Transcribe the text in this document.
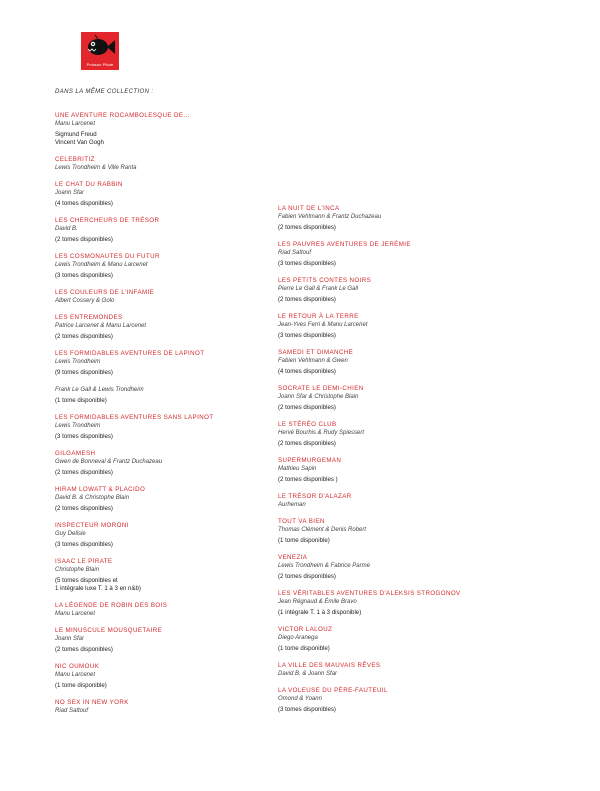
Poisson Pilote
DANS LA MÊME COLLECTION :
UNE AVENTURE ROCAMBOLESQUE DE…
Manu Larcenet
Sigmund Freud
Vincent Van Gogh
CELEBRITIZ
Lewis Trondheim & Ville Ranta
LE CHAT DU RABBIN
Joann Sfar
(4 tomes disponibles)
LES CHERCHEURS DE TRÉSOR
David B.
(2 tomes disponibles)
LES COSMONAUTES DU FUTUR
Lewis Trondheim & Manu Larcenet
(3 tomes disponibles)
LES COULEURS DE L'INFAMIE
Albert Cossery & Golo
LES ENTREMONDES
Patrice Larcenet & Manu Larcenet
(2 tomes disponibles)
LES FORMIDABLES AVENTURES DE LAPINOT
Lewis Trondheim
(9 tomes disponibles)
Frank Le Gall & Lewis Trondheim
(1 tome disponible)
LES FORMIDABLES AVENTURES SANS LAPINOT
Lewis Trondheim
(3 tomes disponibles)
GILGAMESH
Gwen de Bonneval & Frantz Duchazeau
(2 tomes disponibles)
HIRAM LOWATT & PLACIDO
David B. & Christophe Blain
(2 tomes disponibles)
INSPECTEUR MORONI
Guy Delisle
(3 tomes disponibles)
ISAAC LE PIRATE
Christophe Blain
(5 tomes disponibles et
1 intégrale luxe T. 1 à 3 en n&b)
LA LÉGENDE DE ROBIN DES BOIS
Manu Larcenet
LE MINUSCULE MOUSQUETAIRE
Joann Sfar
(2 tomes disponibles)
NIC OUMOUK
Manu Larcenet
(1 tome disponible)
NO SEX IN NEW YORK
Riad Sattouf
LA NUIT DE L'INCA
Fabien Vehlmann & Frantz Duchazeau
(2 tomes disponibles)
LES PAUVRES AVENTURES DE JERÉMIE
Riad Sattouf
(3 tomes disponibles)
LES PETITS CONTES NOIRS
Pierre Le Gall & Frank Le Gall
(2 tomes disponibles)
LE RETOUR À LA TERRE
Jean-Yves Ferri & Manu Larcenet
(3 tomes disponibles)
SAMEDI ET DIMANCHE
Fabien Vehlmann & Gwen
(4 tomes disponibles)
SOCRATE LE DEMI-CHIEN
Joann Sfar & Christophe Blain
(2 tomes disponibles)
LE STÉRÉO CLUB
Hervé Bourhis & Rudy Spiessert
(2 tomes disponibles)
SUPERMURGEMAN
Mathieu Sapin
(2 tomes disponibles )
LE TRÉSOR D'ALAZAR
Aurheman
TOUT VA BIEN
Thomas Clément & Denis Robert
(1 tome disponible)
VENEZIA
Lewis Trondheim & Fabrice Parme
(2 tomes disponibles)
LES VÉRITABLES AVENTURES D'ALEKSIS STROGONOV
Jean Régnaud & Émile Bravo
(1 intégrale T. 1 à 3 disponible)
VICTOR LALOUZ
Diego Aranega
(1 tome disponible)
LA VILLE DES MAUVAIS RÊVES
David B. & Joann Sfar
LA VOLEUSE DU PÈRE-FAUTEUIL
Omond & Yoann
(3 tomes disponibles)
